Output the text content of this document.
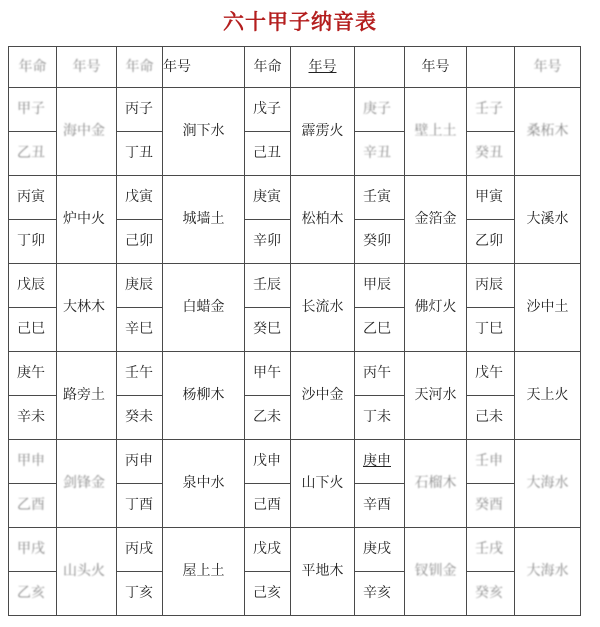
六十甲子纳音表
年命	年号	年命	年号	年命	年号		年号		年号
甲子	海中金	丙子	涧下水	戊子	霹雳火	庚子	壁上土	壬子	桑柘木
乙丑		丁丑		己丑		辛丑		癸丑	
丙寅	炉中火	戊寅	城墙土	庚寅	松柏木	壬寅	金箔金	甲寅	大溪水
丁卯		己卯		辛卯		癸卯		乙卯	
戊辰	大林木	庚辰	白蜡金	壬辰	长流水	甲辰	佛灯火	丙辰	沙中土
己巳		辛巳		癸巳		乙巳		丁巳	
庚午	路旁土	壬午	杨柳木	甲午	沙中金	丙午	天河水	戊午	天上火
辛未		癸未		乙未		丁未		己未	
甲申	剑锋金	丙申	泉中水	戊申	山下火	庚申	石榴木	壬申	大海水
乙酉		丁酉		己酉		辛酉		癸酉	
甲戌	山头火	丙戌	屋上土	戊戌	平地木	庚戌	钗钏金	壬戌	大海水
乙亥		丁亥		己亥		辛亥		癸亥	
